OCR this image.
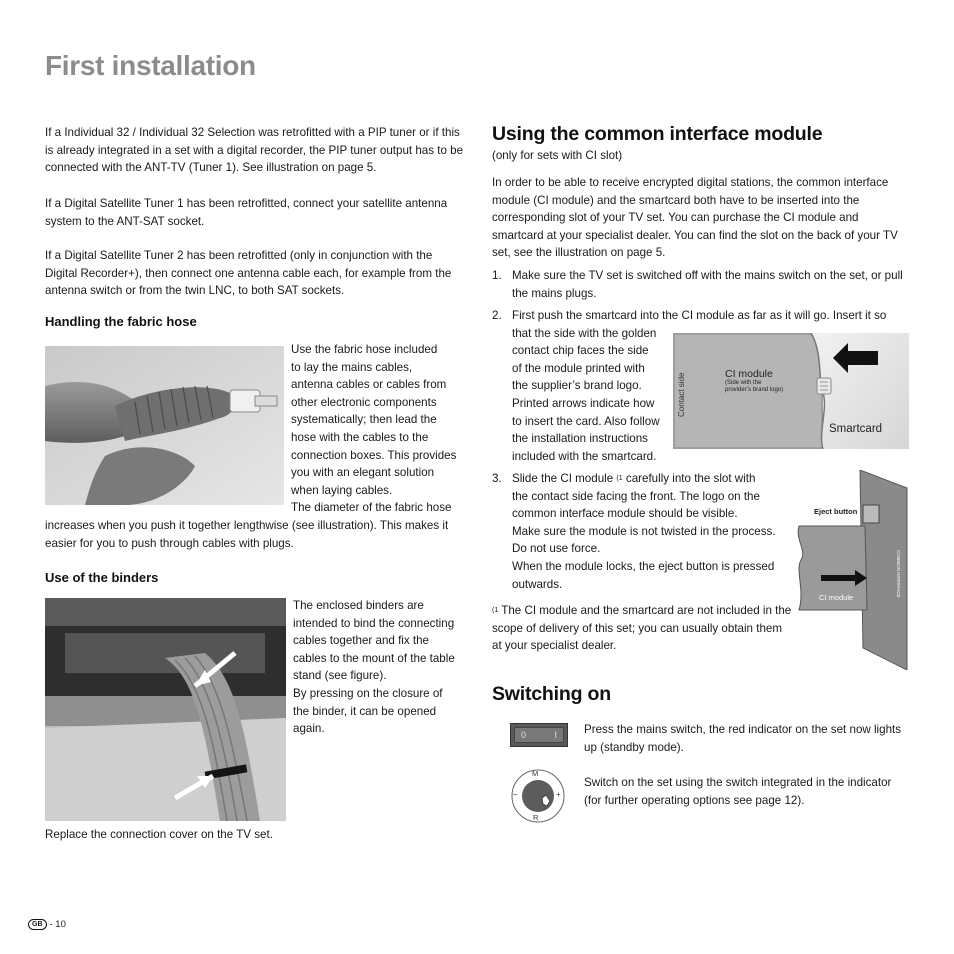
First installation

If a Individual 32 / Individual 32 Selection was retrofitted with a PIP tuner or if this is already integrated in a set with a digital recorder, the PIP tuner output has to be connected with the ANT-TV (Tuner 1). See illustration on page 5.

If a Digital Satellite Tuner 1 has been retrofitted, connect your satellite antenna system to the ANT-SAT socket.

If a Digital Satellite Tuner 2 has been retrofitted (only in conjunction with the Digital Recorder+), then connect one antenna cable each, for example from the antenna switch or from the twin LNC, to both SAT sockets.

Handling the fabric hose
Use the fabric hose included
to lay the mains cables,
antenna cables or cables from
other electronic components
systematically; then lead the
hose with the cables to the
connection boxes. This provides
you with an elegant solution
when laying cables.
The diameter of the fabric hose

increases when you push it together lengthwise (see illustration). This makes it easier for you to push through cables with plugs.

Use of the binders
The enclosed binders are
intended to bind the connecting
cables together and fix the
cables to the mount of the table
stand (see figure).
By pressing on the closure of
the binder, it can be opened
again.

Replace the connection cover on the TV set.

Using the common interface module

(only for sets with CI slot)

In order to be able to receive encrypted digital stations, the common interface module (CI module) and the smartcard both have to be inserted into the corresponding slot of your TV set. You can purchase the CI module and smartcard at your specialist dealer. You can find the slot on the back of your TV set, see the illustration on page 5.

1. Make sure the TV set is switched off with the mains switch on the set, or pull the mains plugs.
2. First push the smartcard into the CI module as far as it will go. Insert it so
that the side with the golden
contact chip faces the side
of the module printed with
the supplier’s brand logo.
Printed arrows indicate how
to insert the card. Also follow
the installation instructions
included with the smartcard.
Contact side	CI module
(Side with the
provider’s brand logo)
Smartcard
3. Slide the CI module $^{(1}$ carefully into the slot with
the contact side facing the front. The logo on the
common interface module should be visible.
Make sure the module is not twisted in the process.
Do not use force.
When the module locks, the eject button is pressed
outwards.

$^{(1}$ The CI module and the smartcard are not included in the scope of delivery of this set; you can usually obtain them at your specialist dealer.

Eject button
CI module	COMMON INTERFACE
Switching on
0	I Press the mains switch, the red indicator on the set now lights up (standby mode).

M
R
–	+

Switch on the set using the switch integrated in the indicator (for further operating options see page 12).

GB - 10
